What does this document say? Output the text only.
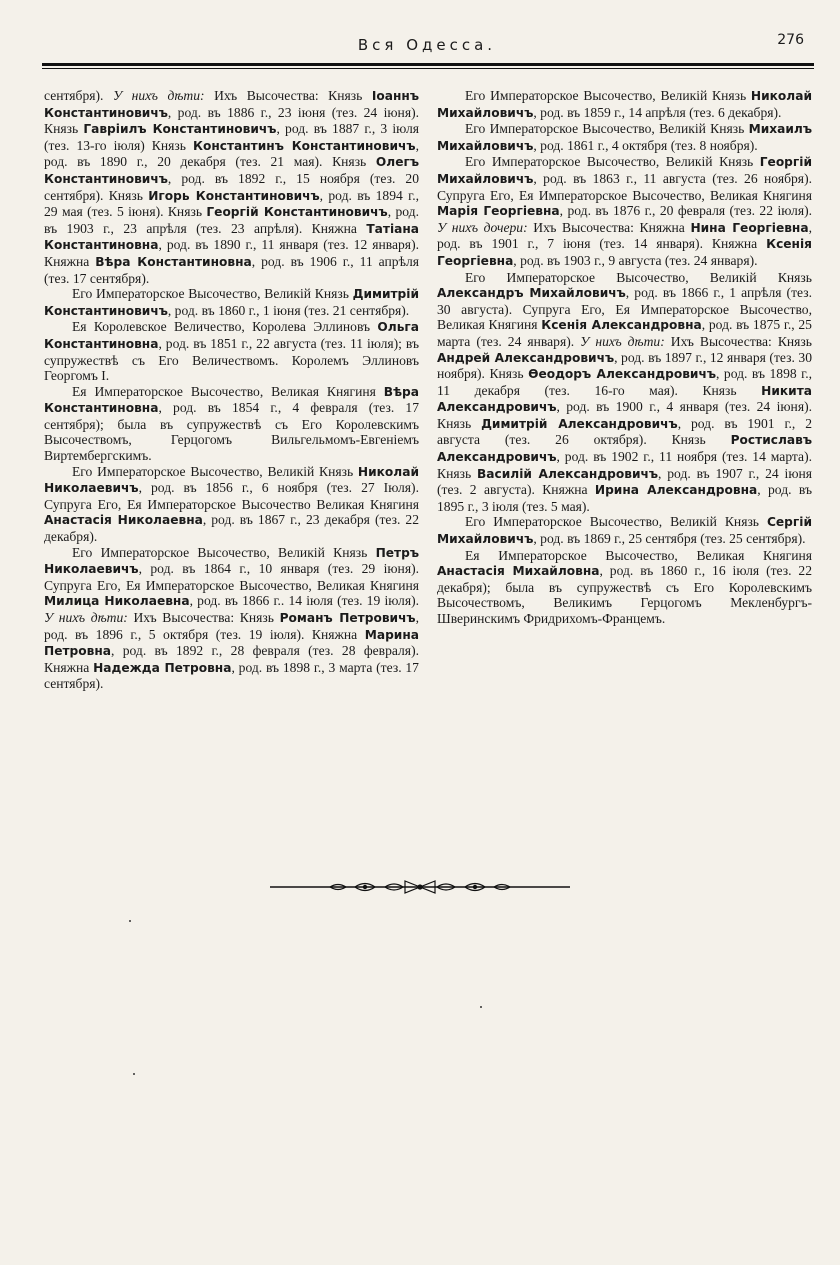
Вся Одесса.	276

сентября). У нихъ дѣти: Ихъ Высочества: Князь Іоаннъ Константиновичъ, род. въ 1886 г., 23 іюня (тез. 24 іюня). Князь Гавріилъ Константиновичъ, род. въ 1887 г., 3 іюля (тез. 13-го іюля) Князь Константинъ Константиновичъ, род. въ 1890 г., 20 декабря (тез. 21 мая). Князь Олегъ Константиновичъ, род. въ 1892 г., 15 ноября (тез. 20 сентября). Князь Игорь Константиновичъ, род. въ 1894 г., 29 мая (тез. 5 іюня). Князь Георгій Константиновичъ, род. въ 1903 г., 23 апрѣля (тез. 23 апрѣля). Княжна Татіана Константиновна, род. въ 1890 г., 11 января (тез. 12 января). Княжна Вѣра Константиновна, род. въ 1906 г., 11 апрѣля (тез. 17 сентября).

Его Императорское Высочество, Великій Князь Димитрій Константиновичъ, род. въ 1860 г., 1 іюня (тез. 21 сентября).

Ея Королевское Величество, Королева Эллиновъ Ольга Константиновна, род. въ 1851 г., 22 августа (тез. 11 іюля); въ супружествѣ съ Его Величествомъ. Королемъ Эллиновъ Георгомъ I.

Ея Императорское Высочество, Великая Княгиня Вѣра Константиновна, род. въ 1854 г., 4 февраля (тез. 17 сентября); была въ супружествѣ съ Его Королевскимъ Высочествомъ, Герцогомъ Вильгельмомъ-Евгеніемъ Виртембергскимъ.

Его Императорское Высочество, Великій Князь Николай Николаевичъ, род. въ 1856 г., 6 ноября (тез. 27 Іюля). Супруга Его, Ея Императорское Высочество Великая Княгиня Анастасія Николаевна, род. въ 1867 г., 23 декабря (тез. 22 декабря).

Его Императорское Высочество, Великій Князь Петръ Николаевичъ, род. въ 1864 г., 10 января (тез. 29 іюня). Супруга Его, Ея Императорское Высочество, Великая Княгиня Милица Николаевна, род. въ 1866 г.. 14 іюля (тез. 19 іюля). У нихъ дѣти: Ихъ Высочества: Князь Романъ Петровичъ, род. въ 1896 г., 5 октября (тез. 19 іюля). Княжна Марина Петровна, род. въ 1892 г., 28 февраля (тез. 28 февраля). Княжна Надежда Петровна, род. въ 1898 г., 3 марта (тез. 17 сентября).

Его Императорское Высочество, Великій Князь Николай Михайловичъ, род. въ 1859 г., 14 апрѣля (тез. 6 декабря).

Его Императорское Высочество, Великій Князь Михаилъ Михайловичъ, род. 1861 г., 4 октября (тез. 8 ноября).

Его Императорское Высочество, Великій Князь Георгій Михайловичъ, род. въ 1863 г., 11 августа (тез. 26 ноября). Супруга Его, Ея Императорское Высочество, Великая Княгиня Марія Георгіевна, род. въ 1876 г., 20 февраля (тез. 22 іюля). У нихъ дочери: Ихъ Высочества: Княжна Нина Георгіевна, род. въ 1901 г., 7 іюня (тез. 14 января). Княжна Ксенія Георгіевна, род. въ 1903 г., 9 августа (тез. 24 января).

Его Императорское Высочество, Великій Князь Александръ Михайловичъ, род. въ 1866 г., 1 апрѣля (тез. 30 августа). Супруга Его, Ея Императорское Высочество, Великая Княгиня Ксенія Александровна, род. въ 1875 г., 25 марта (тез. 24 января). У нихъ дѣти: Ихъ Высочества: Князь Андрей Александровичъ, род. въ 1897 г., 12 января (тез. 30 ноября). Князь Ѳеодоръ Александровичъ, род. въ 1898 г., 11 декабря (тез. 16-го мая). Князь Никита Александровичъ, род. въ 1900 г., 4 января (тез. 24 іюня). Князь Димитрій Александровичъ, род. въ 1901 г., 2 августа (тез. 26 октября). Князь Ростиславъ Александровичъ, род. въ 1902 г., 11 ноября (тез. 14 марта). Князь Василій Александровичъ, род. въ 1907 г., 24 іюня (тез. 2 августа). Княжна Ирина Александровна, род. въ 1895 г., 3 іюля (тез. 5 мая).

Его Императорское Высочество, Великій Князь Сергій Михайловичъ, род. въ 1869 г., 25 сентября (тез. 25 сентября).

Ея Императорское Высочество, Великая Княгиня Анастасія Михайловна, род. въ 1860 г., 16 іюля (тез. 22 декабря); была въ супружествѣ съ Его Королевскимъ Высочествомъ, Великимъ Герцогомъ Мекленбургъ-Шверинскимъ Фридрихомъ-Францемъ.
